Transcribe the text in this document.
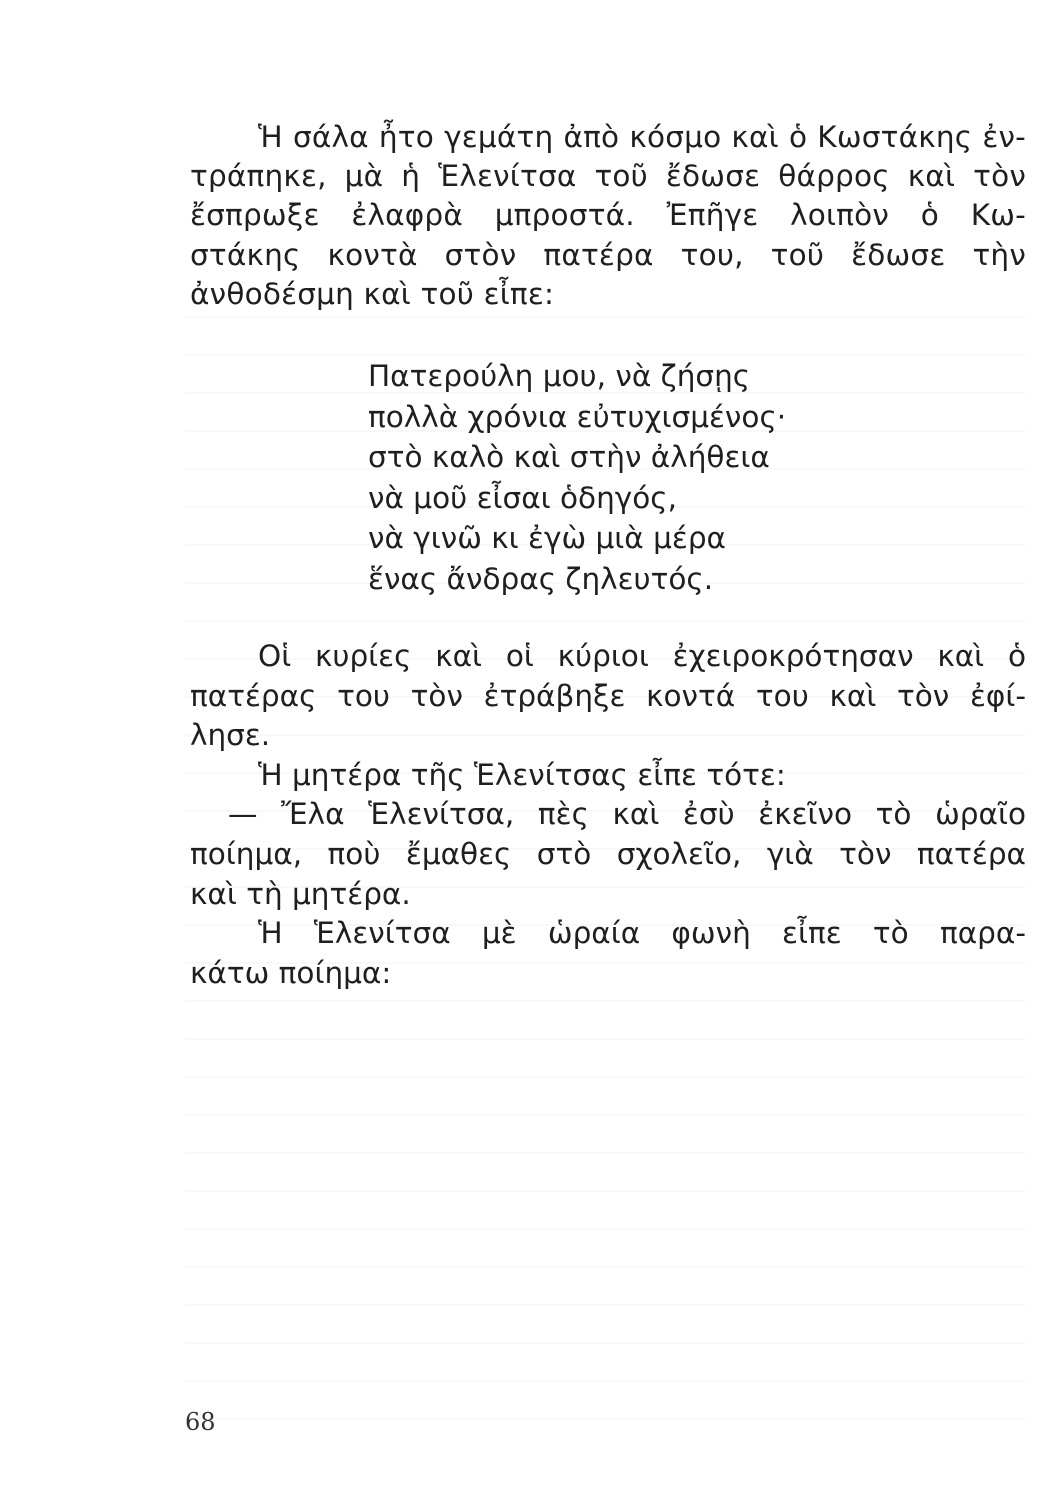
Ἡ σάλα ἦτο γεμάτη ἀπὸ κόσμο καὶ ὁ Κωστάκης ἐν-
τράπηκε, μὰ ἡ Ἑλενίτσα τοῦ ἔδωσε θάρρος καὶ τὸν
ἔσπρωξε ἐλαφρὰ μπροστά. Ἐπῆγε λοιπὸν ὁ Κω-
στάκης κοντὰ στὸν πατέρα του, τοῦ ἔδωσε τὴν
ἀνθοδέσμη καὶ τοῦ εἶπε:
Πατερούλη μου, νὰ ζήσῃς
πολλὰ χρόνια εὐτυχισμένος·
στὸ καλὸ καὶ στὴν ἀλήθεια
νὰ μοῦ εἶσαι ὁδηγός,
νὰ γινῶ κι ἐγὼ μιὰ μέρα
ἕνας ἄνδρας ζηλευτός.
Οἱ κυρίες καὶ οἱ κύριοι ἐχειροκρότησαν καὶ ὁ
πατέρας του τὸν ἐτράβηξε κοντά του καὶ τὸν ἐφί-
λησε.
Ἡ μητέρα τῆς Ἑλενίτσας εἶπε τότε:
— Ἔλα Ἑλενίτσα, πὲς καὶ ἐσὺ ἐκεῖνο τὸ ὡραῖο
ποίημα, ποὺ ἔμαθες στὸ σχολεῖο, γιὰ τὸν πατέρα
καὶ τὴ μητέρα.
Ἡ Ἑλενίτσα μὲ ὡραία φωνὴ εἶπε τὸ παρα-
κάτω ποίημα:
68
